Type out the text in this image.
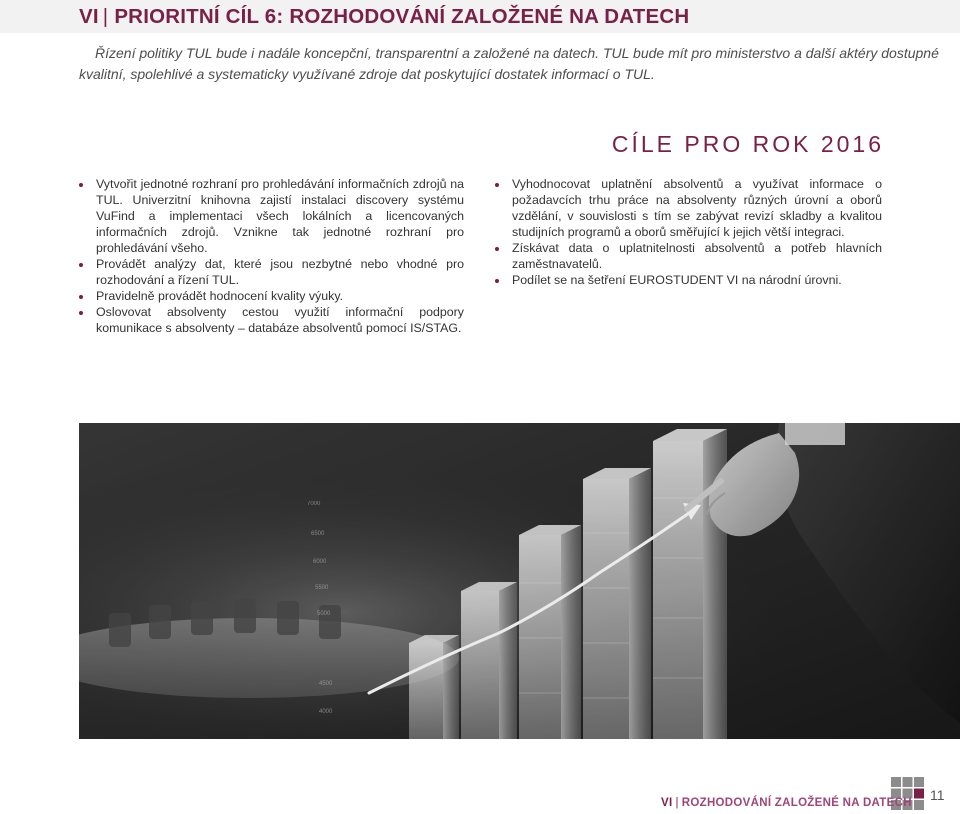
VI | PRIORITNÍ CÍL 6: ROZHODOVÁNÍ ZALOŽENÉ NA DATECH

Řízení politiky TUL bude i nadále koncepční, transparentní a založené na datech. TUL bude mít pro ministerstvo a další aktéry dostupné

kvalitní, spolehlivé a systematicky využívané zdroje dat poskytující dostatek informací o TUL.

CÍLE PRO ROK 2016
Vytvořit jednotné rozhraní pro prohledávání informačních zdrojů na TUL. Univerzitní knihovna zajistí instalaci discovery systému VuFind a implementaci všech lokálních a licencovaných informačních zdrojů. Vznikne tak jednotné rozhraní pro prohledávání všeho.
Provádět analýzy dat, které jsou nezbytné nebo vhodné pro rozhodování a řízení TUL.
Pravidelně provádět hodnocení kvality výuky.
Oslovovat absolventy cestou využití informační podpory komunikace s absolventy – databáze absolventů pomocí IS/STAG.
Vyhodnocovat uplatnění absolventů a využívat informace o požadavcích trhu práce na absolventy různých úrovní a oborů vzdělání, v souvislosti s tím se zabývat revizí skladby a kvalitou studijních programů a oborů směřující k jejich větší integraci.
Získávat data o uplatnitelnosti absolventů a potřeb hlavních zaměstnavatelů.
Podílet se na šetření EUROSTUDENT VI na národní úrovni.
7000
6500
6000
5500
5000
4500
4000
VI | ROZHODOVÁNÍ ZALOŽENÉ NA DATECH 11
